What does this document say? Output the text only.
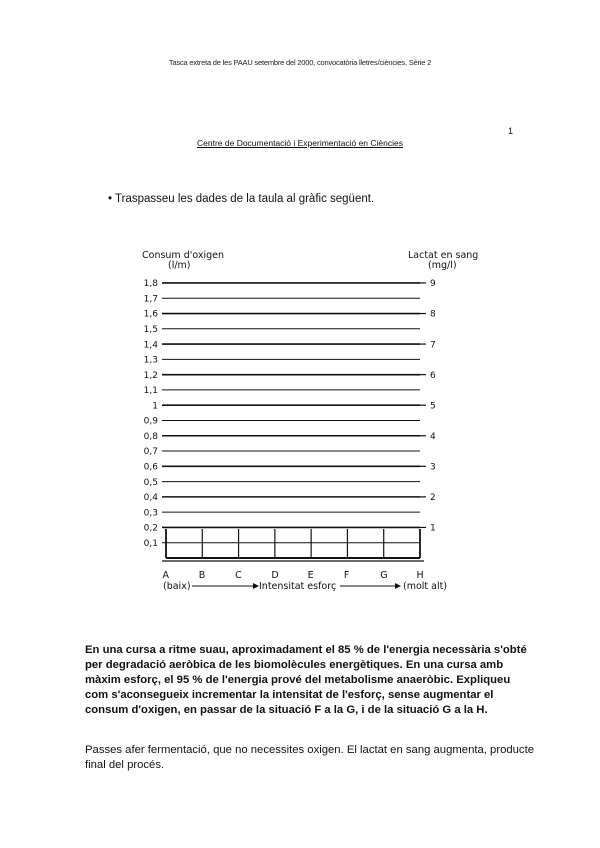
Tasca extreta de les PAAU setembre del 2000, convocatòria lletres/ciències, Sèrie 2
1
Centre de Documentació i Experimentació en Ciències
• Traspasseu les dades de la taula al gràfic següent.
Consum d'oxigen
(l/m)
Lactat en sang
(mg/l)
A	B	C	D	E	F	G	H
0,1
0,2
0,3
0,4
0,5
0,6
0,7
0,8
0,9
1
1,1
1,2
1,3
1,4
1,5
1,6
1,7
1,8
1
2
3
4
5
6
7
8
9
(baix)	Intensitat esforç	(molt alt)
En una cursa a ritme suau, aproximadament el 85 % de l'energia necessària s'obté per degradació aeròbica de les biomolècules energètiques. En una cursa amb màxim esforç, el 95 % de l'energia prové del metabolisme anaeròbic. Expliqueu com s'aconsegueix incrementar la intensitat de l'esforç, sense augmentar el consum d'oxigen, en passar de la situació F a la G, i de la situació G a la H.
Passes afer fermentació, que no necessites oxigen. El lactat en sang augmenta, producte final del procés.
